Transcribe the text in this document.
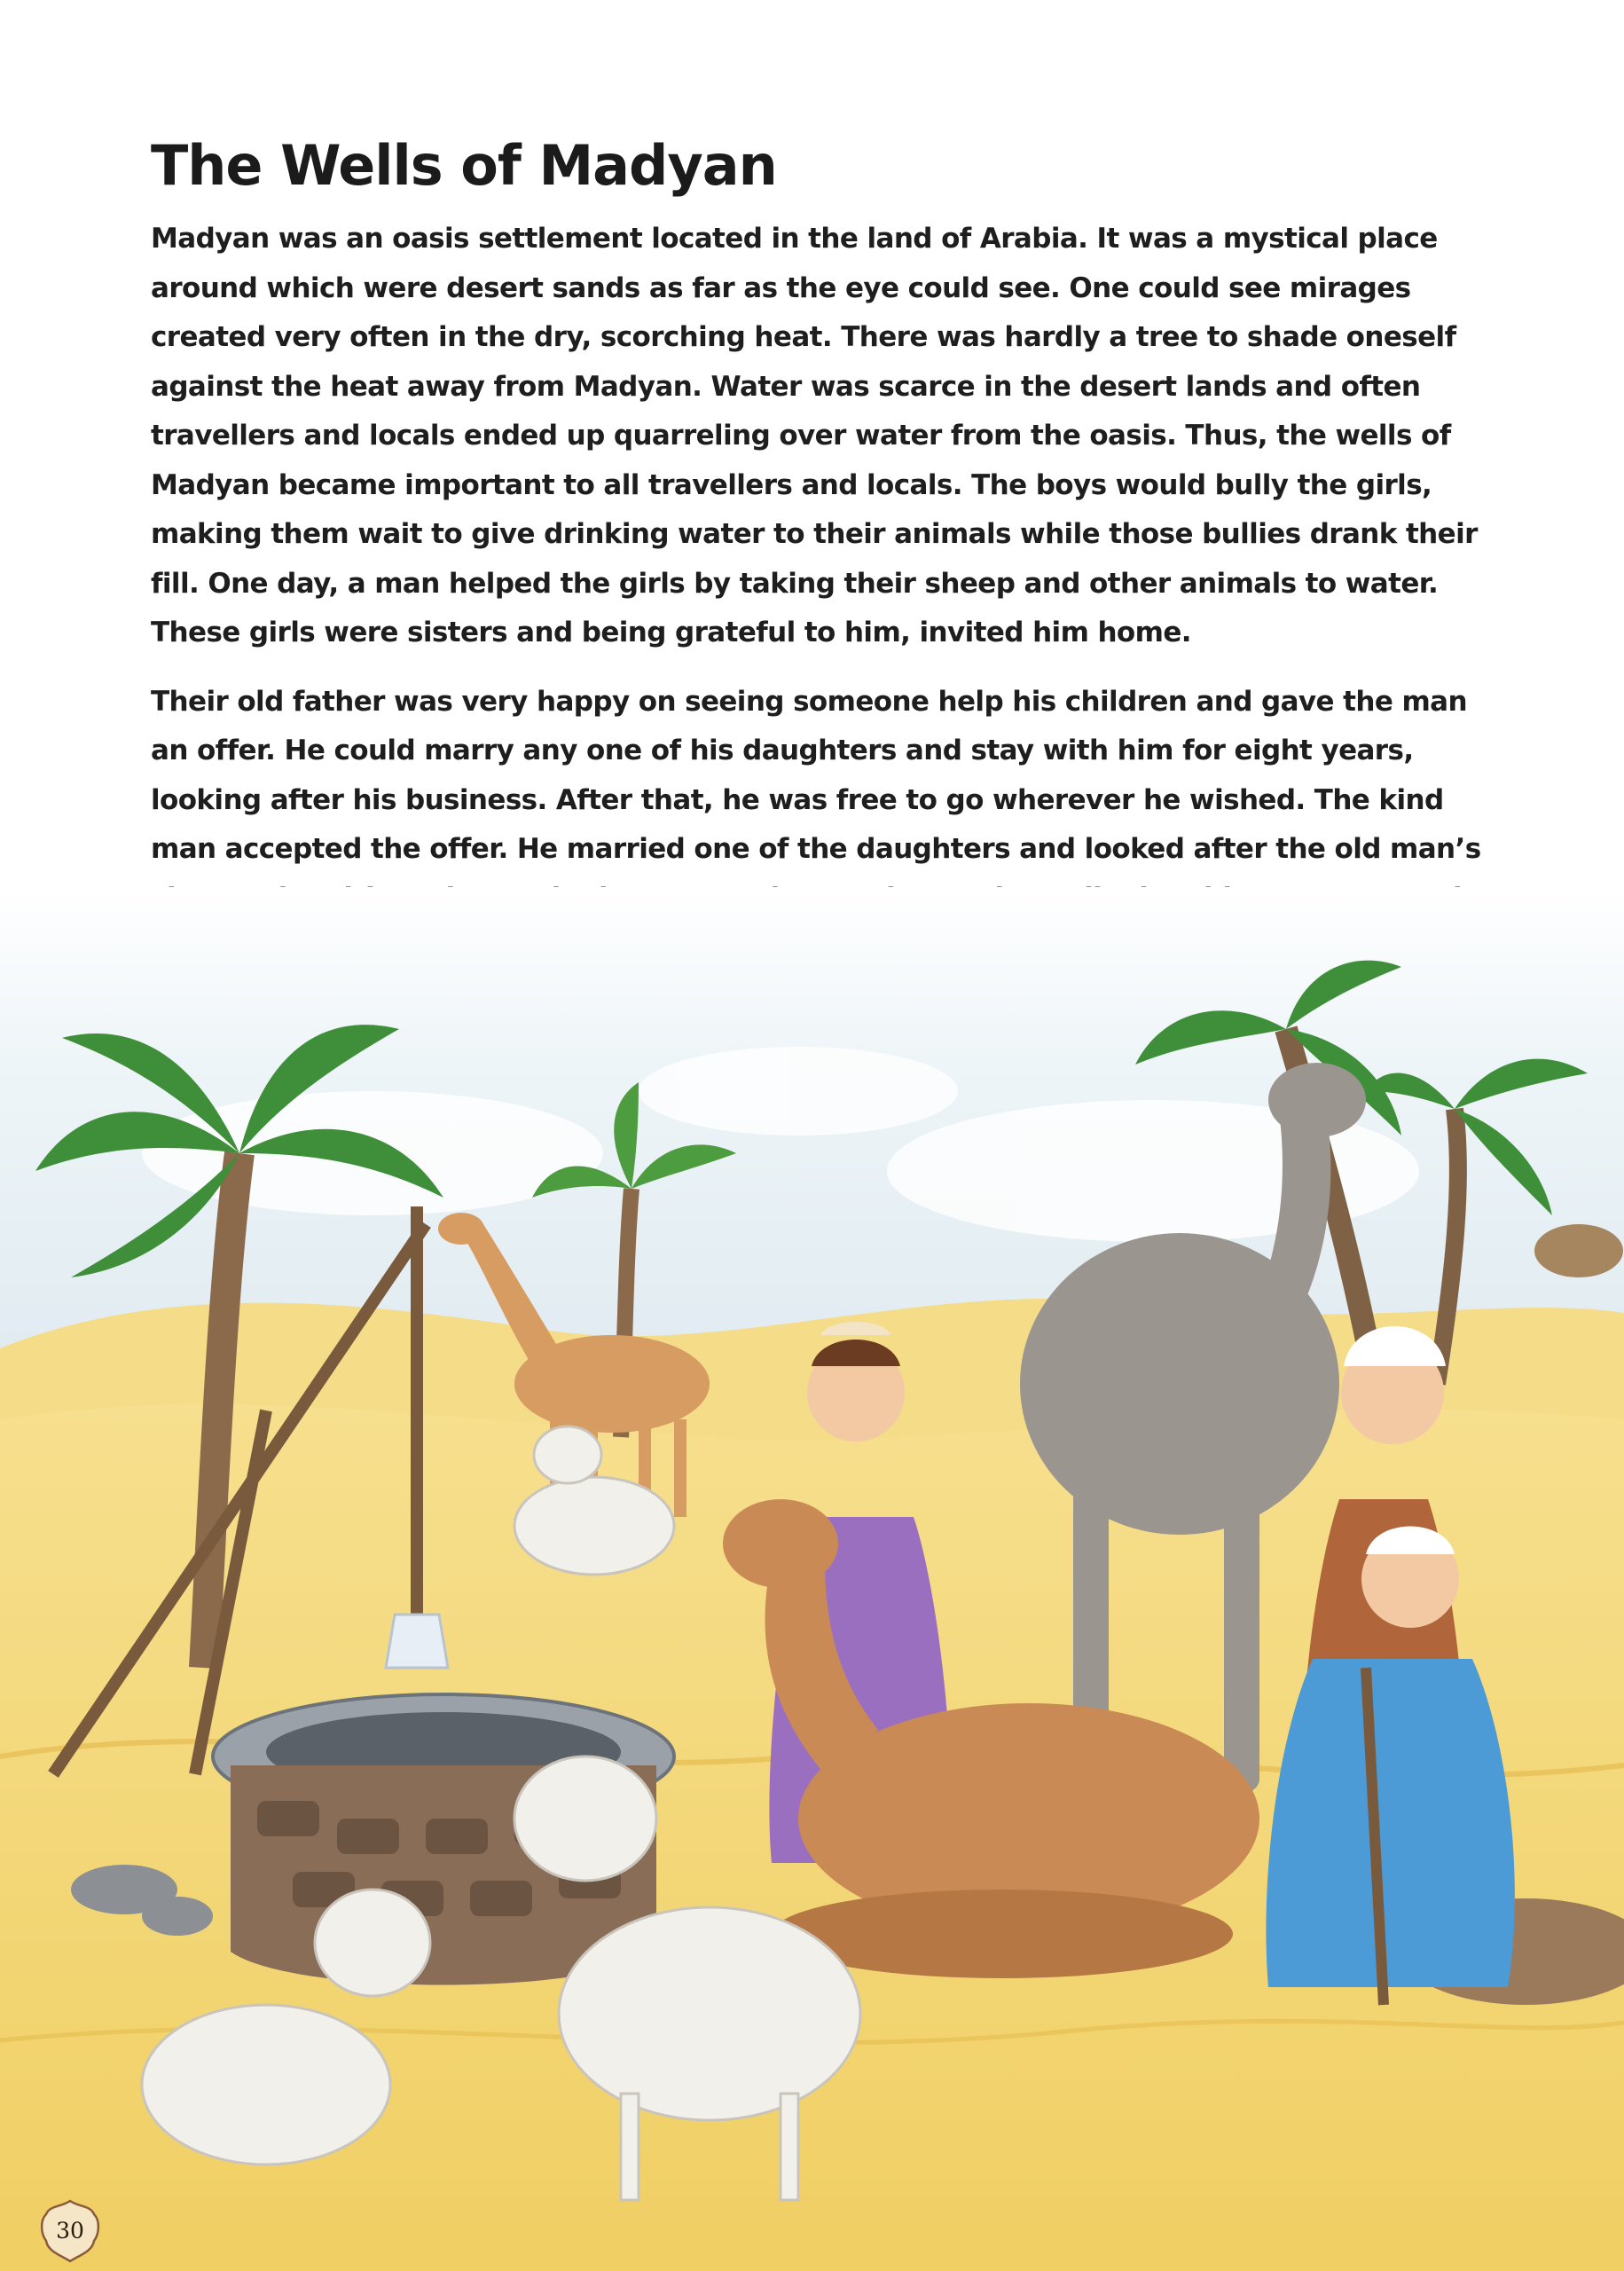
The Wells of Madyan

Madyan was an oasis settlement located in the land of Arabia. It was a mystical place around which were desert sands as far as the eye could see. One could see mirages created very often in the dry, scorching heat. There was hardly a tree to shade oneself against the heat away from Madyan. Water was scarce in the desert lands and often travellers and locals ended up quarreling over water from the oasis. Thus, the wells of Madyan became important to all travellers and locals. The boys would bully the girls, making them wait to give drinking water to their animals while those bullies drank their fill. One day, a man helped the girls by taking their sheep and other animals to water. These girls were sisters and being grateful to him, invited him home.

Their old father was very happy on seeing someone help his children and gave the man an offer. He could marry any one of his daughters and stay with him for eight years, looking after his business. After that, he was free to go wherever he wished. The kind man accepted the offer. He married one of the daughters and looked after the old man’s

30
